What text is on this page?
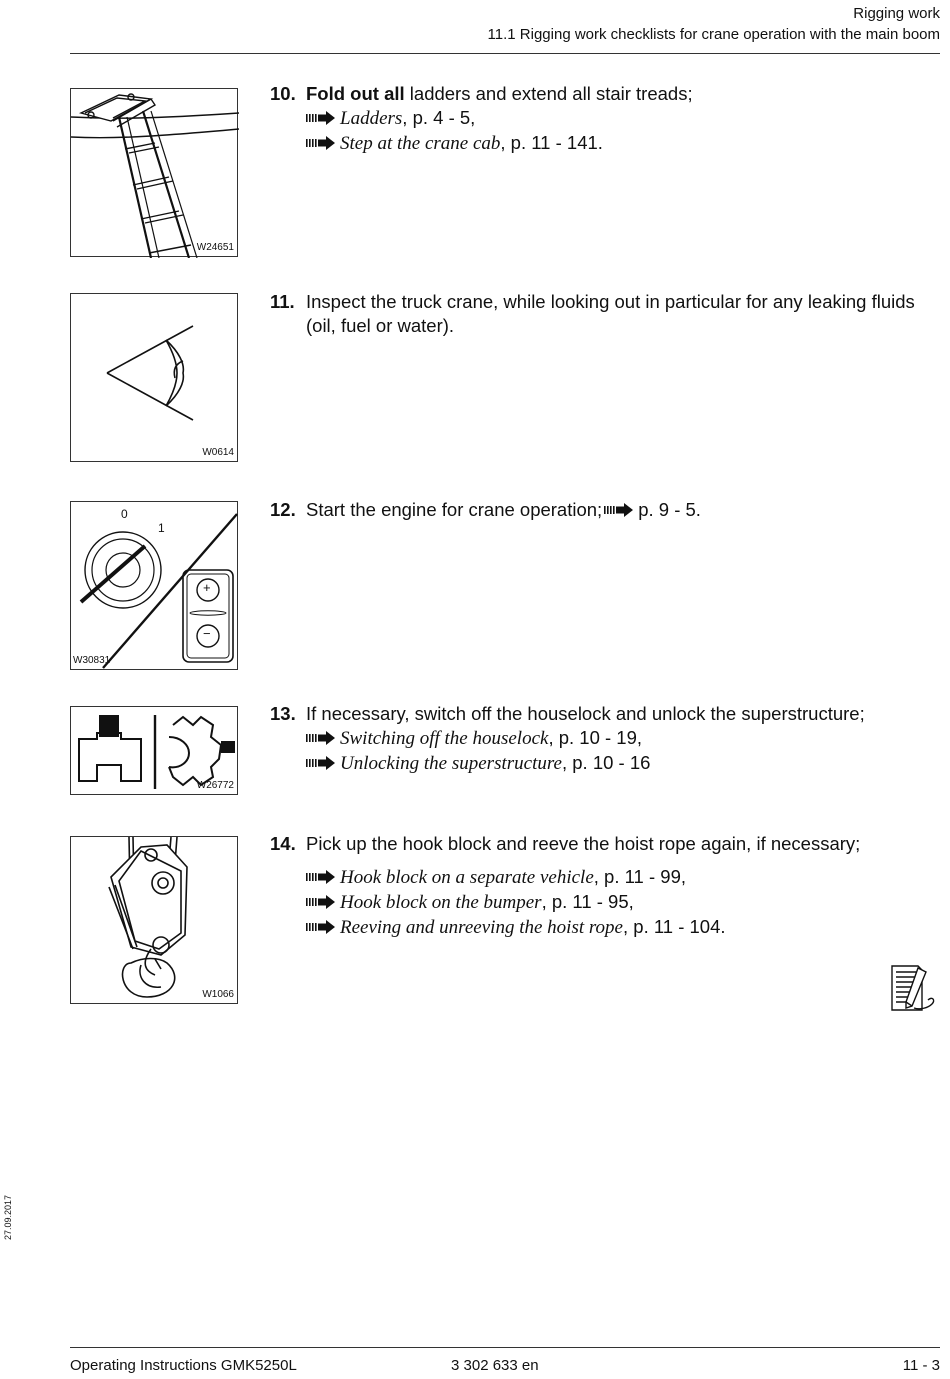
Rigging work
11.1 Rigging work checklists for crane operation with the main boom
W24651
10. Fold out all ladders and extend all stair treads;
Ladders, p. 4 - 5,
Step at the crane cab, p. 11 - 141.
W0614
11. Inspect the truck crane, while looking out in particular for any leaking fluids (oil, fuel or water).
0
1
+
−
W30831
12. Start the engine for crane operation; p. 9 - 5.
W26772
13. If necessary, switch off the houselock and unlock the superstructure;
Switching off the houselock, p. 10 - 19,
Unlocking the superstructure, p. 10 - 16
W1066
14. Pick up the hook block and reeve the hoist rope again, if necessary;
Hook block on a separate vehicle, p. 11 - 99,
Hook block on the bumper, p. 11 - 95,
Reeving and unreeving the hoist rope, p. 11 - 104.
27.09.2017
Operating Instructions GMK5250L	3 302 633 en	11 - 3
